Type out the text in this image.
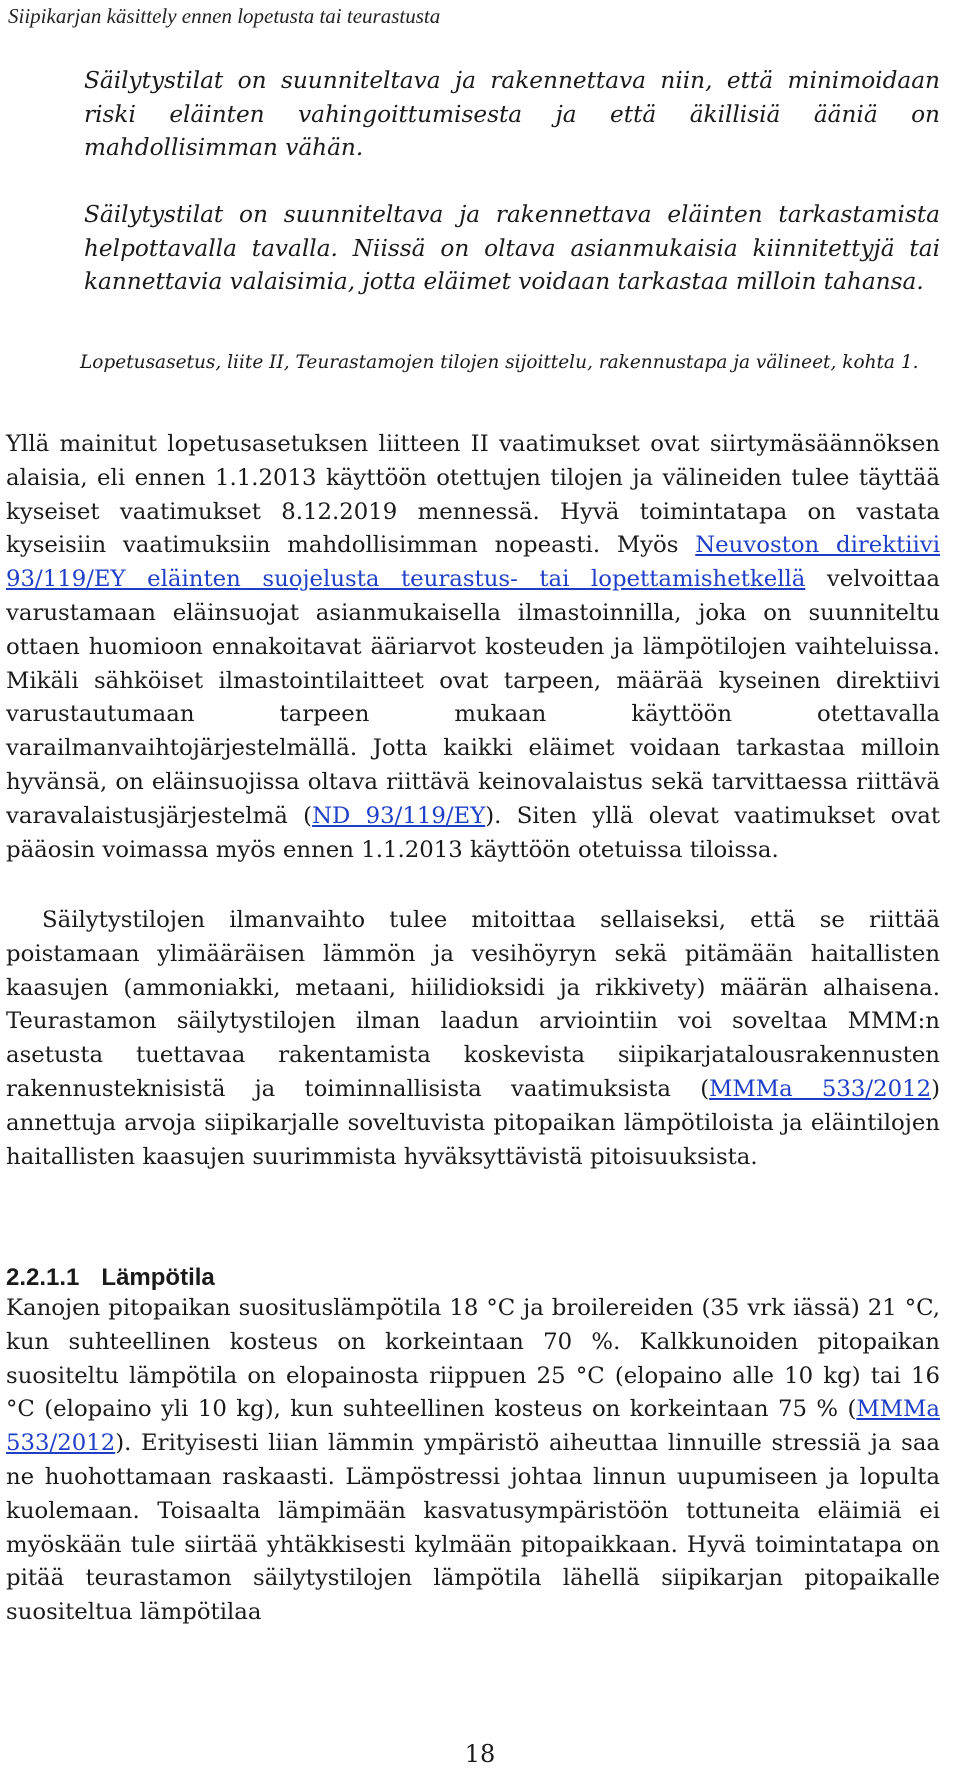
Siipikarjan käsittely ennen lopetusta tai teurastusta

Säilytystilat on suunniteltava ja rakennettava niin, että minimoidaan riski eläinten vahingoittumisesta ja että äkillisiä ääniä on mahdollisimman vähän.

Säilytystilat on suunniteltava ja rakennettava eläinten tarkastamista helpottavalla tavalla. Niissä on oltava asianmukaisia kiinnitettyjä tai kannettavia valaisimia, jotta eläimet voidaan tarkastaa milloin tahansa.

Lopetusasetus, liite II, Teurastamojen tilojen sijoittelu, rakennustapa ja välineet, kohta 1.

Yllä mainitut lopetusasetuksen liitteen II vaatimukset ovat siirtymäsäännöksen alaisia, eli ennen 1.1.2013 käyttöön otettujen tilojen ja välineiden tulee täyttää kyseiset vaatimukset 8.12.2019 mennessä. Hyvä toimintatapa on vastata kyseisiin vaatimuksiin mahdollisimman nopeasti. Myös Neuvoston direktiivi 93/119/EY eläinten suojelusta teurastus- tai lopettamishetkellä velvoittaa varustamaan eläinsuojat asianmukaisella ilmastoinnilla, joka on suunniteltu ottaen huomioon ennakoitavat ääriarvot kosteuden ja lämpötilojen vaihteluissa. Mikäli sähköiset ilmastointilaitteet ovat tarpeen, määrää kyseinen direktiivi varustautumaan tarpeen mukaan käyttöön otettavalla varailmanvaihtojärjestelmällä. Jotta kaikki eläimet voidaan tarkastaa milloin hyvänsä, on eläinsuojissa oltava riittävä keinovalaistus sekä tarvittaessa riittävä varavalaistusjärjestelmä (ND 93/119/EY). Siten yllä olevat vaatimukset ovat pääosin voimassa myös ennen 1.1.2013 käyttöön otetuissa tiloissa.

Säilytystilojen ilmanvaihto tulee mitoittaa sellaiseksi, että se riittää poistamaan ylimääräisen lämmön ja vesihöyryn sekä pitämään haitallisten kaasujen (ammoniakki, metaani, hiilidioksidi ja rikkivety) määrän alhaisena. Teurastamon säilytystilojen ilman laadun arviointiin voi soveltaa MMM:n asetusta tuettavaa rakentamista koskevista siipikarjatalousrakennusten rakennusteknisistä ja toiminnallisista vaatimuksista (MMMa 533/2012) annettuja arvoja siipikarjalle soveltuvista pitopaikan lämpötiloista ja eläintilojen haitallisten kaasujen suurimmista hyväksyttävistä pitoisuuksista.

2.2.1.1 Lämpötila

Kanojen pitopaikan suosituslämpötila 18 °C ja broilereiden (35 vrk iässä) 21 °C, kun suhteellinen kosteus on korkeintaan 70 %. Kalkkunoiden pitopaikan suositeltu lämpötila on elopainosta riippuen 25 °C (elopaino alle 10 kg) tai 16 °C (elopaino yli 10 kg), kun suhteellinen kosteus on korkeintaan 75 % (MMMa 533/2012). Erityisesti liian lämmin ympäristö aiheuttaa linnuille stressiä ja saa ne huohottamaan raskaasti. Lämpöstressi johtaa linnun uupumiseen ja lopulta kuolemaan. Toisaalta lämpimään kasvatusympäristöön tottuneita eläimiä ei myöskään tule siirtää yhtäkkisesti kylmään pitopaikkaan. Hyvä toimintatapa on pitää teurastamon säilytystilojen lämpötila lähellä siipikarjan pitopaikalle suositeltua lämpötilaa

18
